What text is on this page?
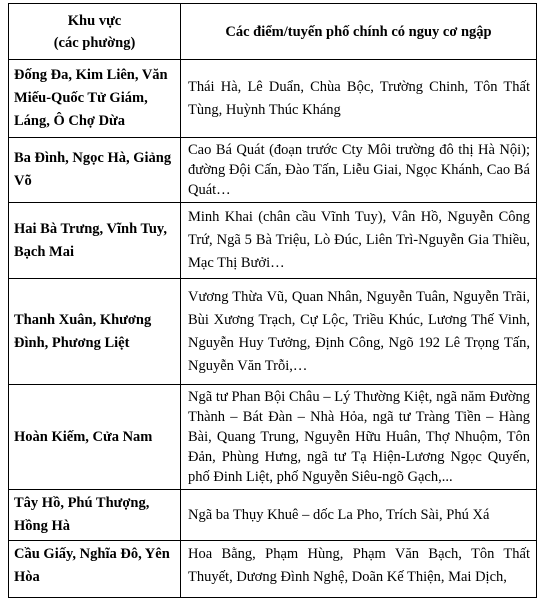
Khu vực
(các phường)	Các điểm/tuyến phố chính có nguy cơ ngập
Đống Đa, Kim Liên, Văn Miếu-Quốc Tử Giám, Láng, Ô Chợ Dừa	Thái Hà, Lê Duẩn, Chùa Bộc, Trường Chinh, Tôn Thất Tùng, Huỳnh Thúc Kháng
Ba Đình, Ngọc Hà, Giảng Võ	Cao Bá Quát (đoạn trước Cty Môi trường đô thị Hà Nội); đường Đội Cấn, Đào Tấn, Liễu Giai, Ngọc Khánh, Cao Bá Quát…
Hai Bà Trưng, Vĩnh Tuy, Bạch Mai	Minh Khai (chân cầu Vĩnh Tuy), Vân Hồ, Nguyễn Công Trứ, Ngã 5 Bà Triệu, Lò Đúc, Liên Trì-Nguyễn Gia Thiều, Mạc Thị Bưởi…
Thanh Xuân, Khương Đình, Phương Liệt	Vương Thừa Vũ, Quan Nhân, Nguyễn Tuân, Nguyễn Trãi, Bùi Xương Trạch, Cự Lộc, Triều Khúc, Lương Thế Vinh, Nguyễn Huy Tưởng, Định Công, Ngõ 192 Lê Trọng Tấn, Nguyễn Văn Trỗi,…
Hoàn Kiếm, Cửa Nam	Ngã tư Phan Bội Châu – Lý Thường Kiệt, ngã năm Đường Thành – Bát Đàn – Nhà Hỏa, ngã tư Tràng Tiền – Hàng Bài, Quang Trung, Nguyễn Hữu Huân, Thợ Nhuộm, Tôn Đản, Phùng Hưng, ngã tư Tạ Hiện-Lương Ngọc Quyến, phố Đinh Liệt, phố Nguyễn Siêu-ngõ Gạch,...
Tây Hồ, Phú Thượng, Hồng Hà	Ngã ba Thụy Khuê – dốc La Pho, Trích Sài, Phú Xá

Cầu Giấy, Nghĩa Đô, Yên Hòa	Hoa Bằng, Phạm Hùng, Phạm Văn Bạch, Tôn Thất Thuyết, Dương Đình Nghệ, Doãn Kế Thiện, Mai Dịch,
